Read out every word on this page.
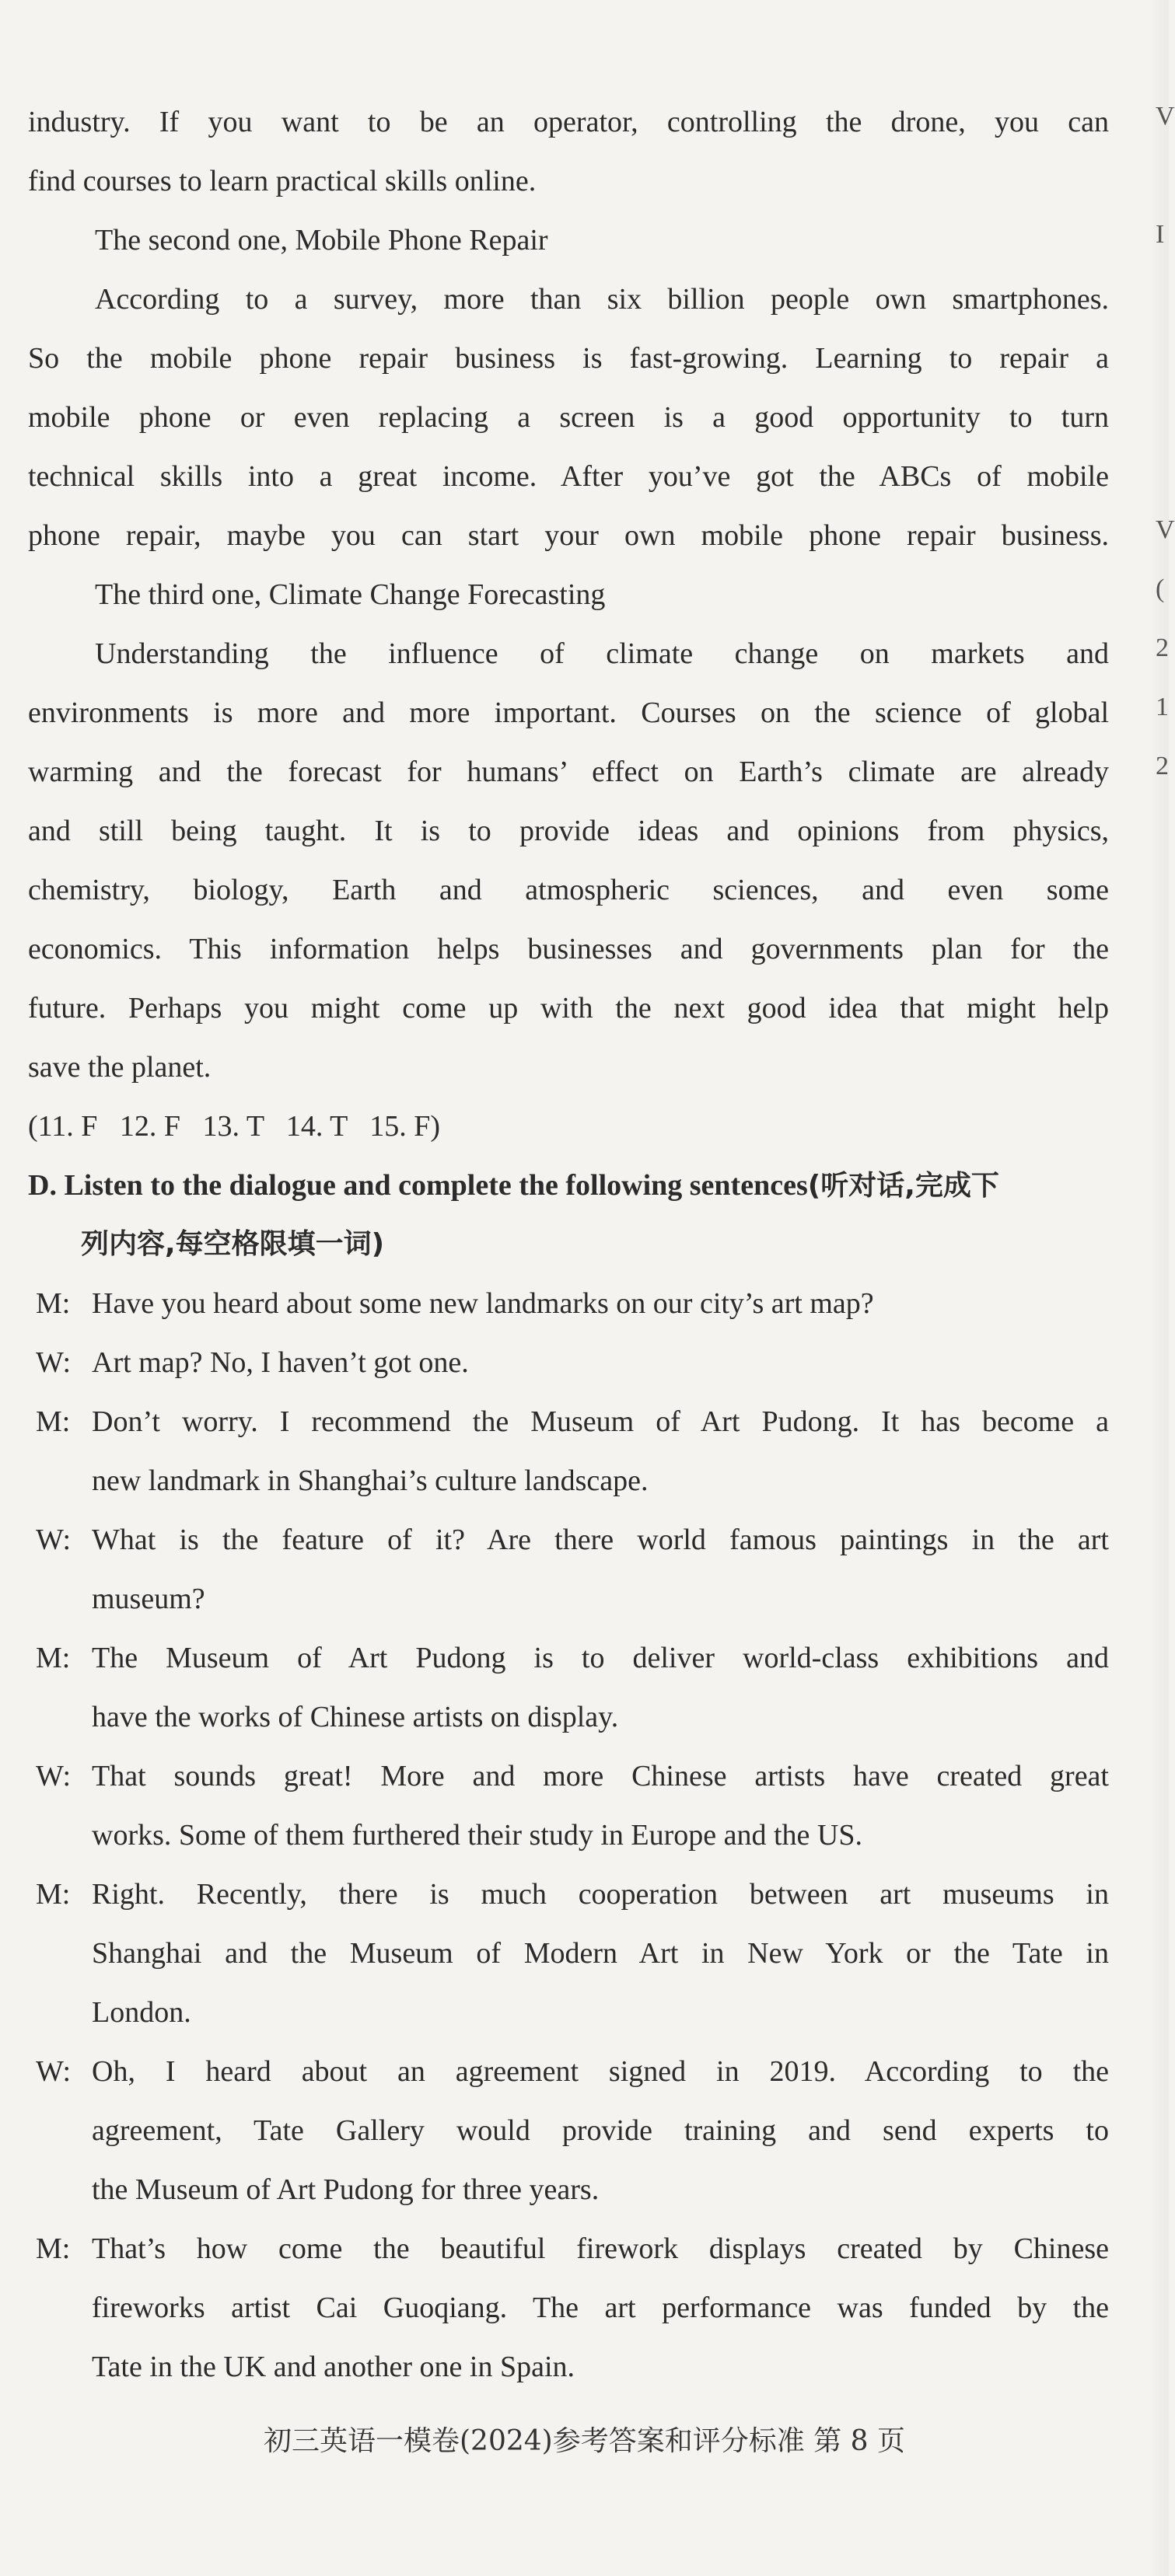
industry. If you want to be an operator, controlling the drone, you can
find courses to learn practical skills online.
The second one, Mobile Phone Repair
According to a survey, more than six billion people own smartphones.
So the mobile phone repair business is fast-growing. Learning to repair a
mobile phone or even replacing a screen is a good opportunity to turn
technical skills into a great income. After you’ve got the ABCs of mobile
phone repair, maybe you can start your own mobile phone repair business.
The third one, Climate Change Forecasting
Understanding the influence of climate change on markets and
environments is more and more important. Courses on the science of global
warming and the forecast for humans’ effect on Earth’s climate are already
and still being taught. It is to provide ideas and opinions from physics,
chemistry, biology, Earth and atmospheric sciences, and even some
economics. This information helps businesses and governments plan for the
future. Perhaps you might come up with the next good idea that might help
save the planet.
(11. F   12. F   13. T   14. T   15. F)
D. Listen to the dialogue and complete the following sentences(听对话,完成下
列内容,每空格限填一词)
M: Have you heard about some new landmarks on our city’s art map?
W: Art map? No, I haven’t got one.
M: Don’t worry. I recommend the Museum of Art Pudong. It has become a
new landmark in Shanghai’s culture landscape.
W: What is the feature of it? Are there world famous paintings in the art
museum?
M: The Museum of Art Pudong is to deliver world-class exhibitions and
have the works of Chinese artists on display.
W: That sounds great! More and more Chinese artists have created great
works. Some of them furthered their study in Europe and the US.
M: Right. Recently, there is much cooperation between art museums in
Shanghai and the Museum of Modern Art in New York or the Tate in
London.
W: Oh, I heard about an agreement signed in 2019. According to the
agreement, Tate Gallery would provide training and send experts to
the Museum of Art Pudong for three years.
M: That’s how come the beautiful firework displays created by Chinese
fireworks artist Cai Guoqiang. The art performance was funded by the
Tate in the UK and another one in Spain.
初三英语一模卷(2024)参考答案和评分标准 第 8 页
V
I
V
(
2
1
2
